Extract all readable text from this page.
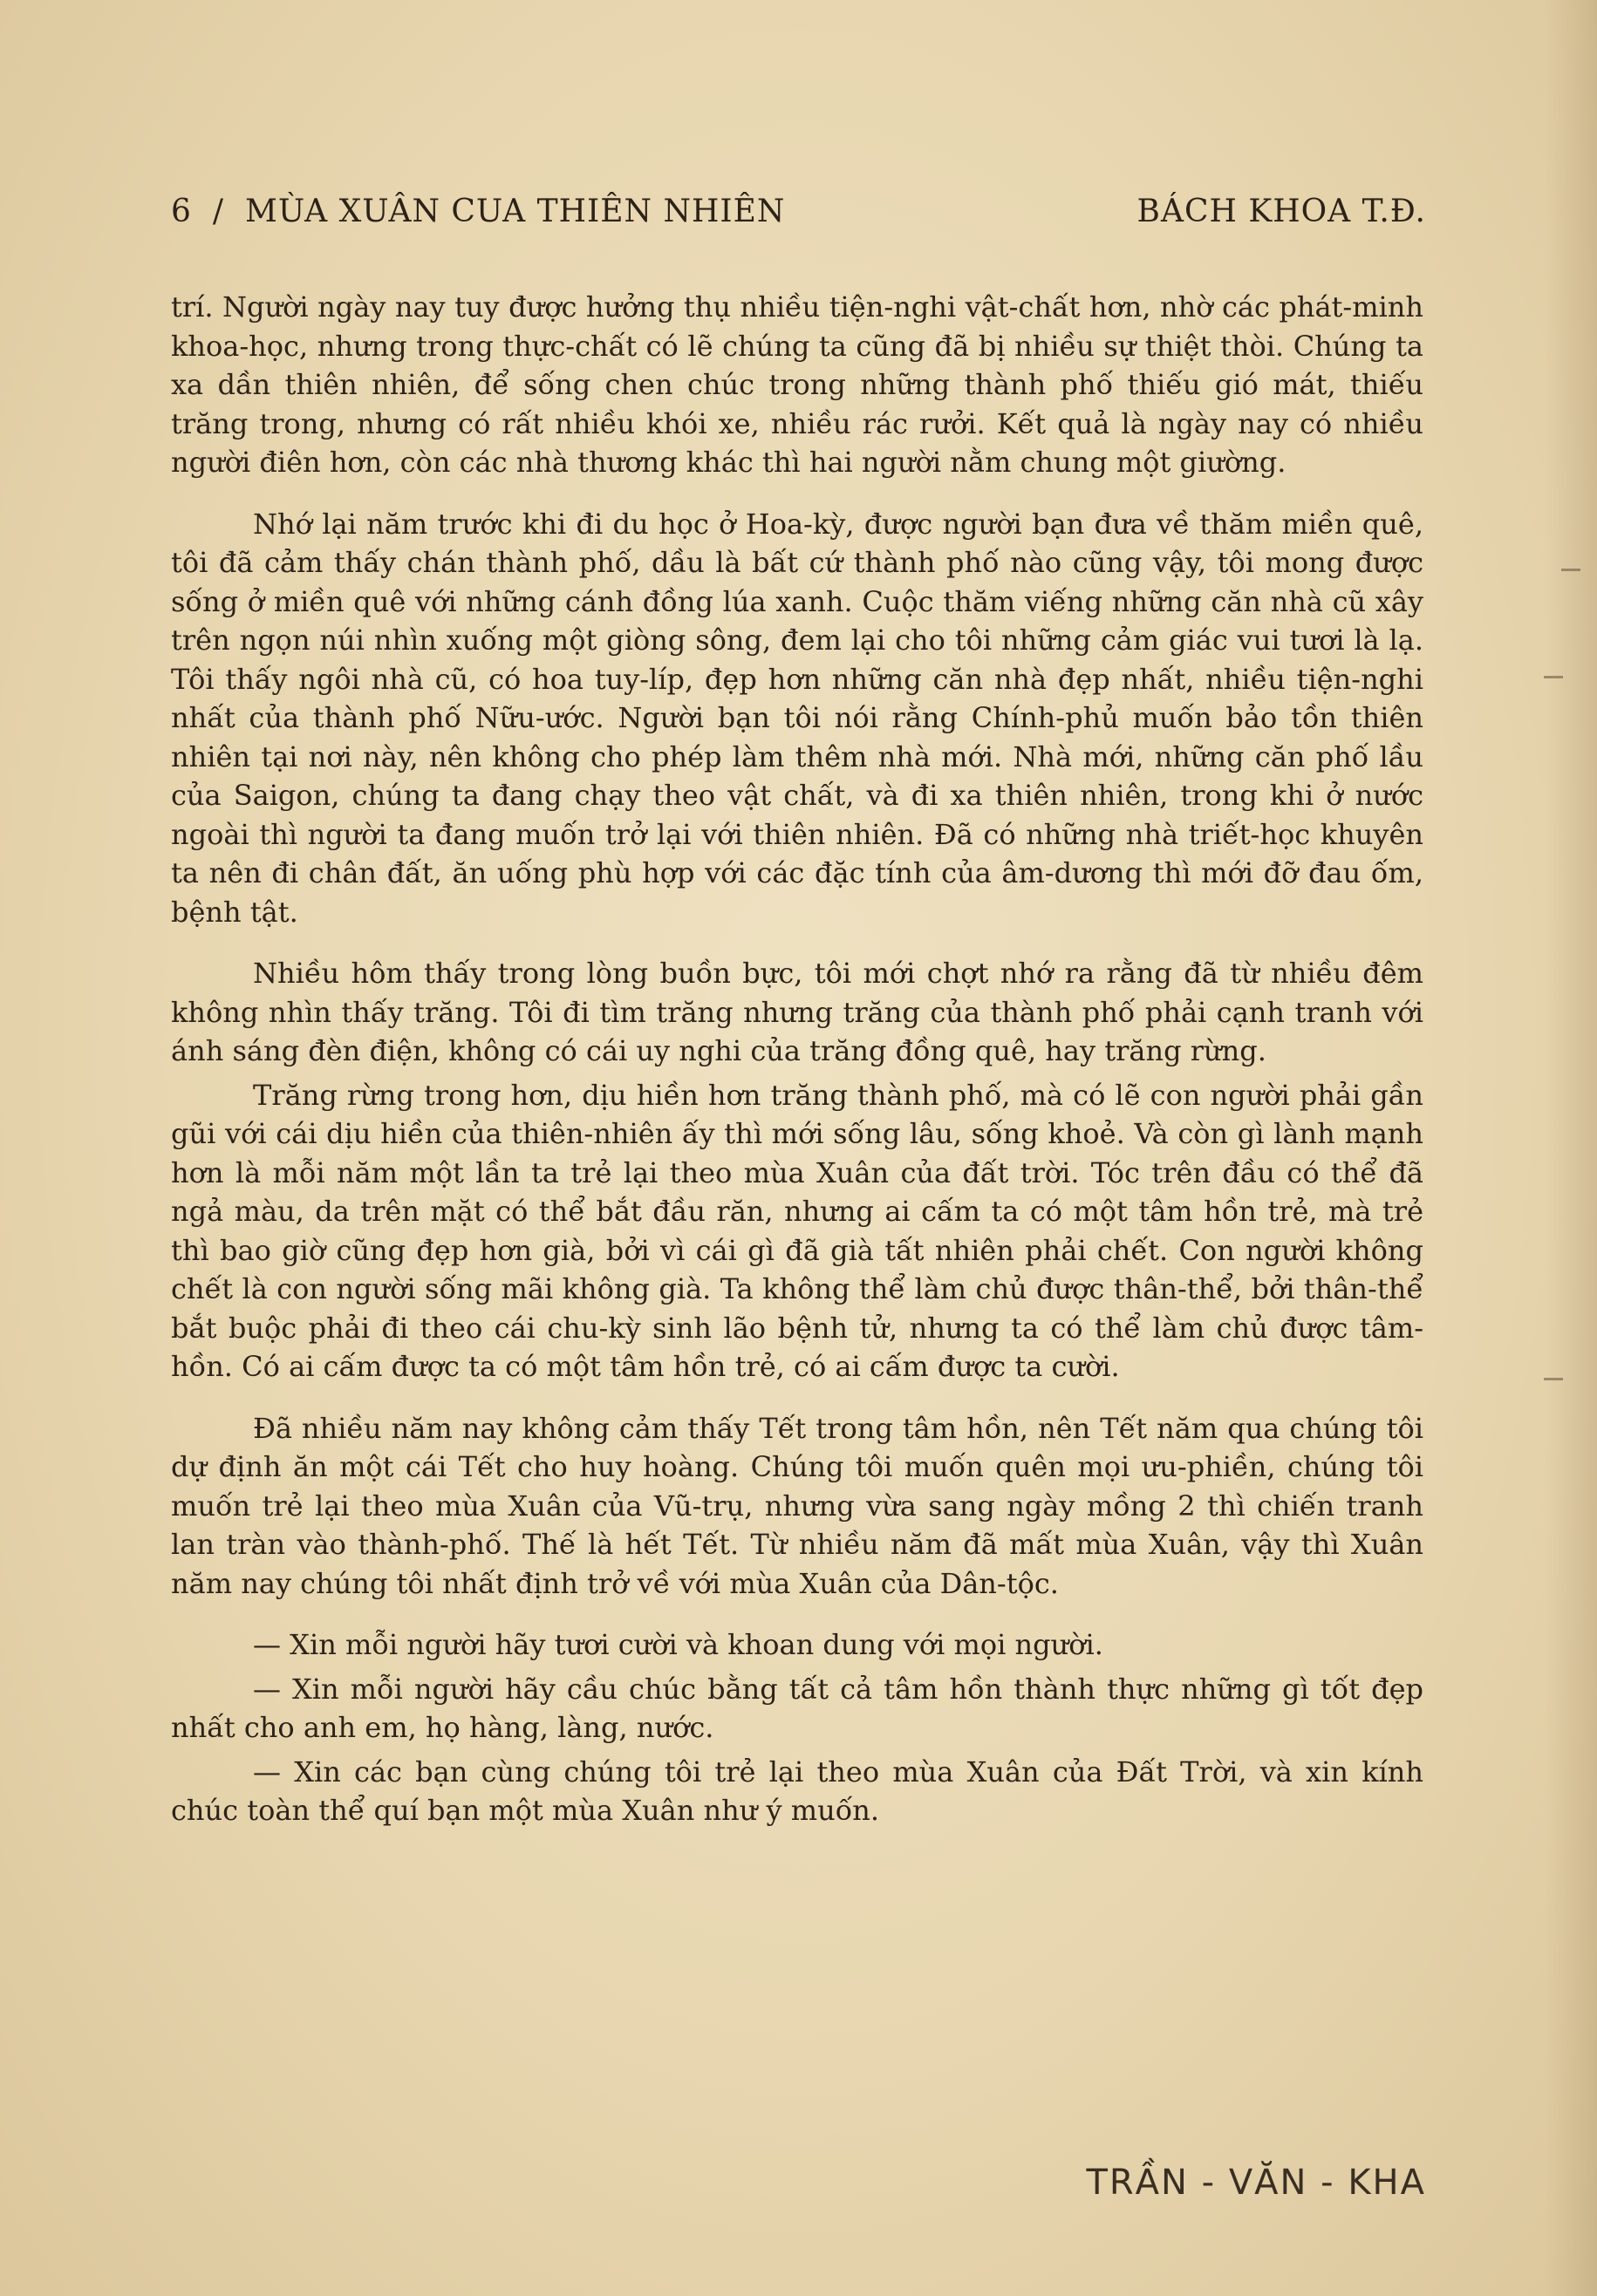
6 / MÙA XUÂN CUA THIÊN NHIÊN	BÁCH KHOA T.Đ.

trí. Người ngày nay tuy được hưởng thụ nhiều tiện-nghi vật-chất hơn, nhờ các phát-minh khoa-học, nhưng trong thực-chất có lẽ chúng ta cũng đã bị nhiều sự thiệt thòi. Chúng ta xa dần thiên nhiên, để sống chen chúc trong những thành phố thiếu gió mát, thiếu trăng trong, nhưng có rất nhiều khói xe, nhiều rác rưởi. Kết quả là ngày nay có nhiều người điên hơn, còn các nhà thương khác thì hai người nằm chung một giường.

Nhớ lại năm trước khi đi du học ở Hoa-kỳ, được người bạn đưa về thăm miền quê, tôi đã cảm thấy chán thành phố, dầu là bất cứ thành phố nào cũng vậy, tôi mong được sống ở miền quê với những cánh đồng lúa xanh. Cuộc thăm viếng những căn nhà cũ xây trên ngọn núi nhìn xuống một giòng sông, đem lại cho tôi những cảm giác vui tươi là lạ. Tôi thấy ngôi nhà cũ, có hoa tuy-líp, đẹp hơn những căn nhà đẹp nhất, nhiều tiện-nghi nhất của thành phố Nữu-ước. Người bạn tôi nói rằng Chính-phủ muốn bảo tồn thiên nhiên tại nơi này, nên không cho phép làm thêm nhà mới. Nhà mới, những căn phố lầu của Saigon, chúng ta đang chạy theo vật chất, và đi xa thiên nhiên, trong khi ở nước ngoài thì người ta đang muốn trở lại với thiên nhiên. Đã có những nhà triết-học khuyên ta nên đi chân đất, ăn uống phù hợp với các đặc tính của âm-dương thì mới đỡ đau ốm, bệnh tật.

Nhiều hôm thấy trong lòng buồn bực, tôi mới chợt nhớ ra rằng đã từ nhiều đêm không nhìn thấy trăng. Tôi đi tìm trăng nhưng trăng của thành phố phải cạnh tranh với ánh sáng đèn điện, không có cái uy nghi của trăng đồng quê, hay trăng rừng.

Trăng rừng trong hơn, dịu hiền hơn trăng thành phố, mà có lẽ con người phải gần gũi với cái dịu hiền của thiên-nhiên ấy thì mới sống lâu, sống khoẻ. Và còn gì lành mạnh hơn là mỗi năm một lần ta trẻ lại theo mùa Xuân của đất trời. Tóc trên đầu có thể đã ngả màu, da trên mặt có thể bắt đầu răn, nhưng ai cấm ta có một tâm hồn trẻ, mà trẻ thì bao giờ cũng đẹp hơn già, bởi vì cái gì đã già tất nhiên phải chết. Con người không chết là con người sống mãi không già. Ta không thể làm chủ được thân-thể, bởi thân-thể bắt buộc phải đi theo cái chu-kỳ sinh lão bệnh tử, nhưng ta có thể làm chủ được tâm-hồn. Có ai cấm được ta có một tâm hồn trẻ, có ai cấm được ta cười.

Đã nhiều năm nay không cảm thấy Tết trong tâm hồn, nên Tết năm qua chúng tôi dự định ăn một cái Tết cho huy hoàng. Chúng tôi muốn quên mọi ưu-phiền, chúng tôi muốn trẻ lại theo mùa Xuân của Vũ-trụ, nhưng vừa sang ngày mồng 2 thì chiến tranh lan tràn vào thành-phố. Thế là hết Tết. Từ nhiều năm đã mất mùa Xuân, vậy thì Xuân năm nay chúng tôi nhất định trở về với mùa Xuân của Dân-tộc.

— Xin mỗi người hãy tươi cười và khoan dung với mọi người.

— Xin mỗi người hãy cầu chúc bằng tất cả tâm hồn thành thực những gì tốt đẹp nhất cho anh em, họ hàng, làng, nước.

— Xin các bạn cùng chúng tôi trẻ lại theo mùa Xuân của Đất Trời, và xin kính chúc toàn thể quí bạn một mùa Xuân như ý muốn.

TRẦN - VĂN - KHA
